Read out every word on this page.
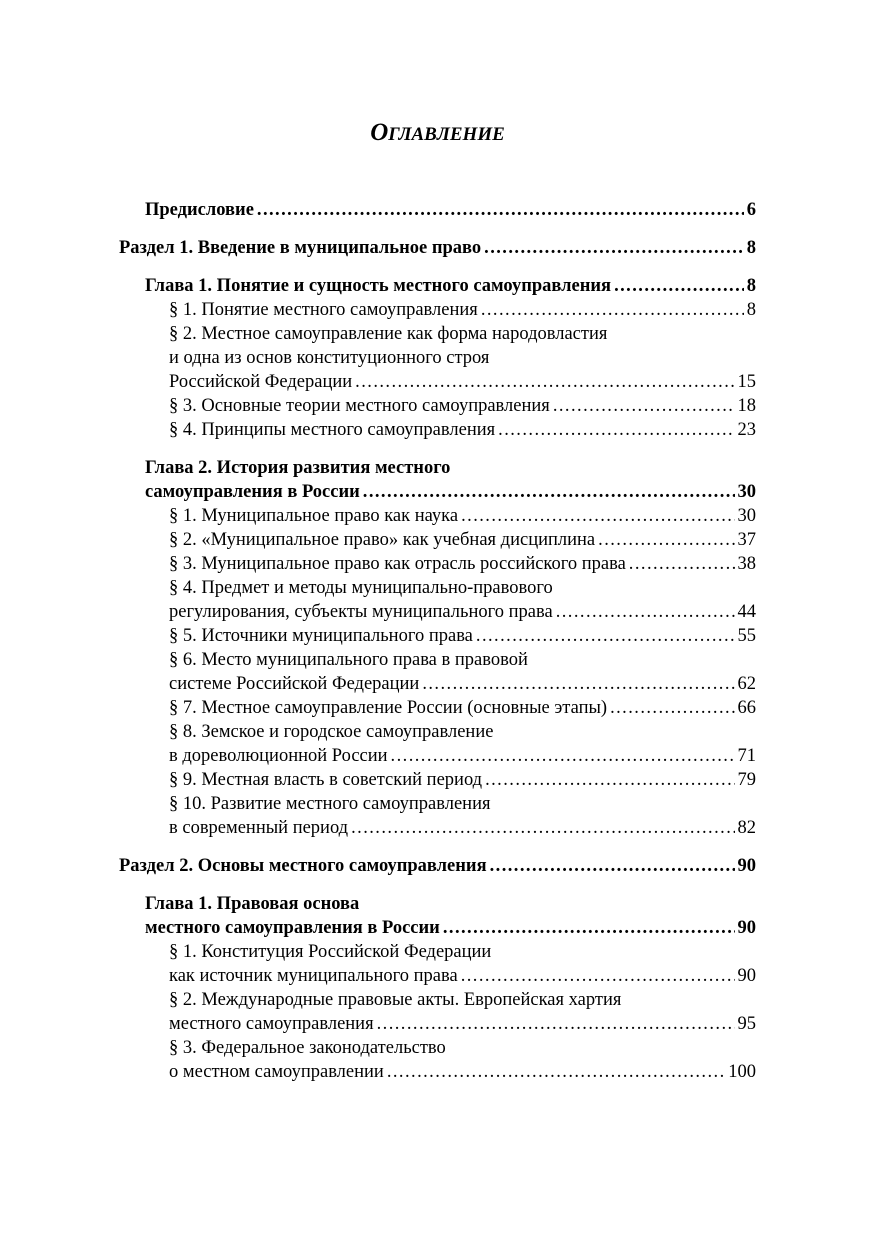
ОГЛАВЛЕНИЕ
Предисловие . . .	6
Раздел 1. Введение в муниципальное право . . .	8
Глава 1. Понятие и сущность местного самоуправления . . .	8
§ 1. Понятие местного самоуправления . . .	8
§ 2. Местное самоуправление как форма народовластия
и одна из основ конституционного строя
Российской Федерации . . .	15
§ 3. Основные теории местного самоуправления . . .	18
§ 4. Принципы местного самоуправления . . .	23
Глава 2. История развития местного
самоуправления в России . . .	30
§ 1. Муниципальное право как наука . . .	30
§ 2. «Муниципальное право» как учебная дисциплина . . .	37
§ 3. Муниципальное право как отрасль российского права . . .	38
§ 4. Предмет и методы муниципально-правового
регулирования, субъекты муниципального права . . .	44
§ 5. Источники муниципального права . . .	55
§ 6. Место муниципального права в правовой
системе Российской Федерации . . .	62
§ 7. Местное самоуправление России (основные этапы) . . .	66
§ 8. Земское и городское самоуправление
в дореволюционной России . . .	71
§ 9. Местная власть в советский период . . .	79
§ 10. Развитие местного самоуправления
в современный период . . .	82
Раздел 2. Основы местного самоуправления . . .	90
Глава 1. Правовая основа
местного самоуправления в России . . .	90
§ 1. Конституция Российской Федерации
как источник муниципального права . . .	90
§ 2. Международные правовые акты. Европейская хартия
местного самоуправления . . .	95
§ 3. Федеральное законодательство
о местном самоуправлении . . .	100
